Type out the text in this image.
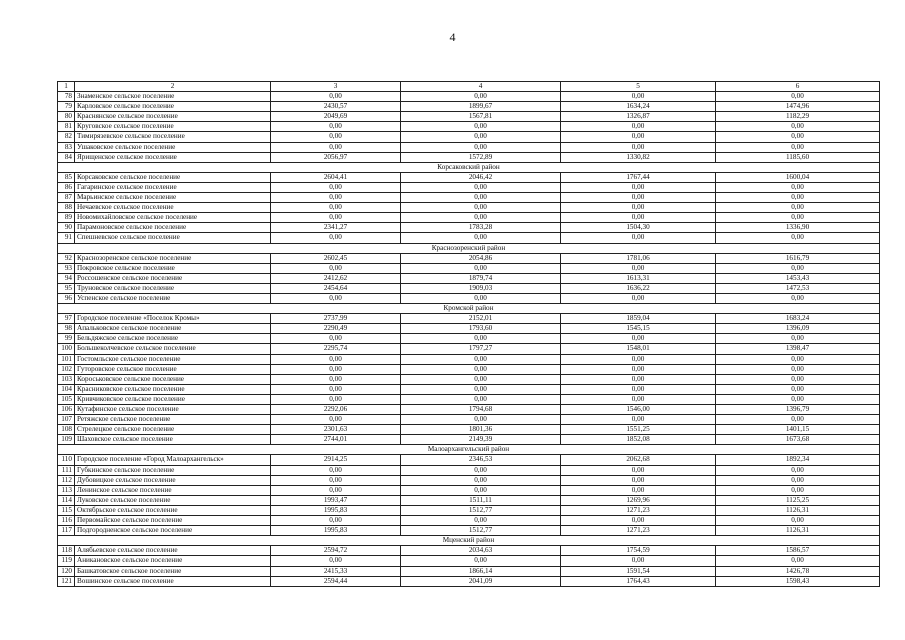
4
1	2	3	4	5	6
78	Знаменское сельское поселение	0,00	0,00	0,00	0,00
79	Карловское сельское поселение	2430,57	1899,67	1634,24	1474,96
80	Краснянское сельское поселение	2049,69	1567,81	1326,87	1182,29
81	Круговское сельское поселение	0,00	0,00	0,00	0,00
82	Тимирязевское сельское поселение	0,00	0,00	0,00	0,00
83	Ушаковское сельское поселение	0,00	0,00	0,00	0,00
84	Ярищенское сельское поселение	2056,97	1572,89	1330,82	1185,60
Корсаковский район					
85	Корсаковское сельское поселение	2604,41	2046,42	1767,44	1600,04
86	Гагаринское сельское поселение	0,00	0,00	0,00	0,00
87	Марьинское сельское поселение	0,00	0,00	0,00	0,00
88	Нечаевское сельское поселение	0,00	0,00	0,00	0,00
89	Новомихайловское сельское поселение	0,00	0,00	0,00	0,00
90	Парамоновское сельское поселение	2341,27	1783,28	1504,30	1336,90
91	Спешневское сельское поселение	0,00	0,00	0,00	0,00
Краснозоренский район					
92	Краснозоренское сельское поселение	2602,45	2054,86	1781,06	1616,79
93	Покровское сельское поселение	0,00	0,00	0,00	0,00
94	Россошенское сельское поселение	2412,62	1879,74	1613,31	1453,43
95	Труновское сельское поселение	2454,64	1909,03	1636,22	1472,53
96	Успенское сельское поселение	0,00	0,00	0,00	0,00
Кромской район					
97	Городское поселение «Поселок Кромы»	2737,99	2152,01	1859,04	1683,24
98	Апальковское сельское поселение	2290,49	1793,60	1545,15	1396,09
99	Бельдяжское сельское поселение	0,00	0,00	0,00	0,00
100	Большеколчевское сельское поселение	2295,74	1797,27	1548,01	1398,47
101	Гостомльское сельское поселение	0,00	0,00	0,00	0,00
102	Гуторовское сельское поселение	0,00	0,00	0,00	0,00
103	Короськовское сельское поселение	0,00	0,00	0,00	0,00
104	Красниковское сельское поселение	0,00	0,00	0,00	0,00
105	Кривчиковское сельское поселение	0,00	0,00	0,00	0,00
106	Кутафинское сельское поселение	2292,06	1794,68	1546,00	1396,79
107	Ретяжское сельское поселение	0,00	0,00	0,00	0,00
108	Стрелецкое сельское поселение	2301,63	1801,36	1551,25	1401,15
109	Шаховское сельское поселение	2744,01	2149,39	1852,08	1673,68
Малоархангельский район					
110	Городское поселение «Город Малоархангельск»	2914,25	2346,53	2062,68	1892,34
111	Губкинское сельское поселение	0,00	0,00	0,00	0,00
112	Дубовицкое сельское поселение	0,00	0,00	0,00	0,00
113	Ленинское сельское поселение	0,00	0,00	0,00	0,00
114	Луковское сельское поселение	1993,47	1511,11	1269,96	1125,25
115	Октябрьское сельское поселение	1995,83	1512,77	1271,23	1126,31
116	Первомайское сельское поселение	0,00	0,00	0,00	0,00
117	Подгородненское сельское поселение	1995,83	1512,77	1271,23	1126,31
Мценский район					
118	Алябьевское сельское поселение	2594,72	2034,63	1754,59	1586,57
119	Аникановское сельское поселение	0,00	0,00	0,00	0,00
120	Башкатовское сельское поселение	2415,33	1866,14	1591,54	1426,78
121	Вошинское сельское поселение	2594,44	2041,09	1764,43	1598,43
